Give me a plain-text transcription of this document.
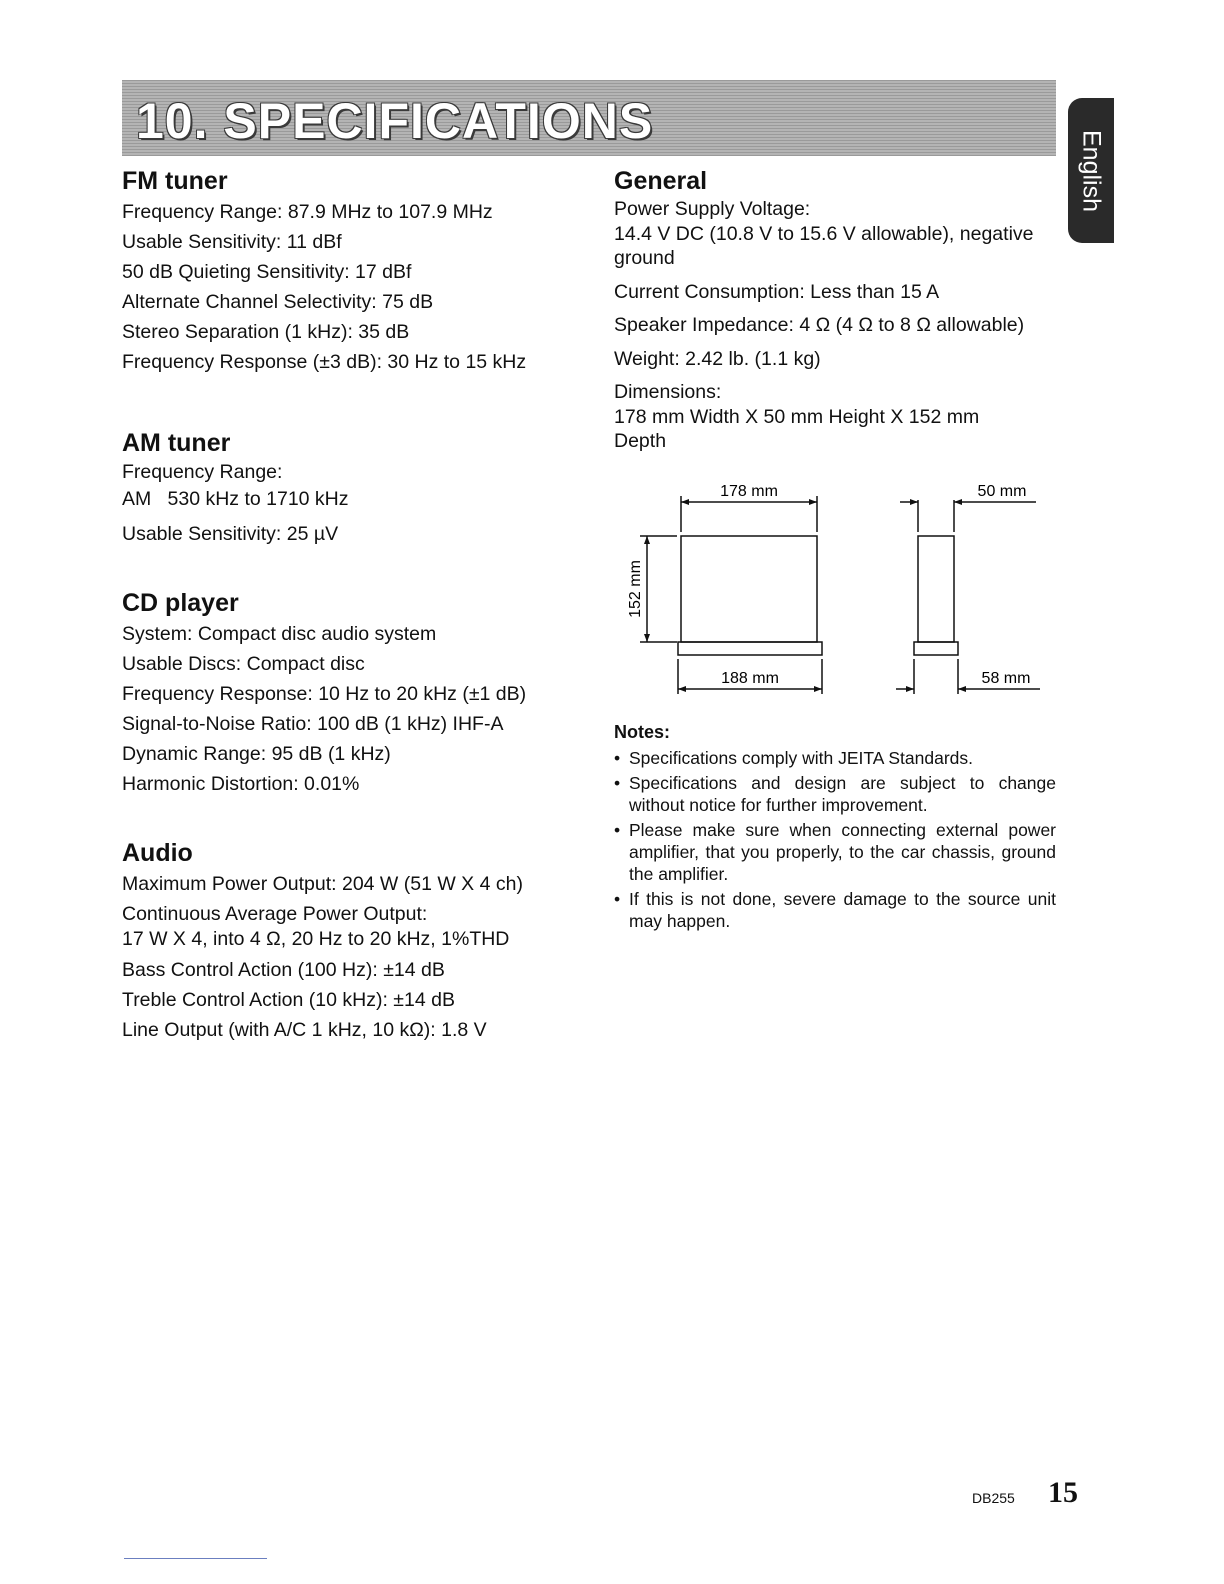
10. SPECIFICATIONS
English
FM tuner

Frequency Range: 87.9 MHz to 107.9 MHz

Usable Sensitivity: 11 dBf

50 dB Quieting Sensitivity: 17 dBf

Alternate Channel Selectivity: 75 dB

Stereo Separation (1 kHz): 35 dB

Frequency Response (±3 dB): 30 Hz to 15 kHz

AM tuner

Frequency Range:

AM   530 kHz to 1710 kHz

Usable Sensitivity: 25 µV

CD player

System: Compact disc audio system

Usable Discs: Compact disc

Frequency Response: 10 Hz to 20 kHz (±1 dB)

Signal-to-Noise Ratio: 100 dB (1 kHz) IHF-A

Dynamic Range: 95 dB (1 kHz)

Harmonic Distortion: 0.01%

Audio

Maximum Power Output: 204 W (51 W X 4 ch)

Continuous Average Power Output:

17 W X 4, into 4 Ω, 20 Hz to 20 kHz, 1%THD

Bass Control Action (100 Hz): ±14 dB

Treble Control Action (10 kHz): ±14 dB

Line Output (with A/C 1 kHz, 10 kΩ): 1.8 V

General

Power Supply Voltage:

14.4 V DC (10.8 V to 15.6 V allowable), negative ground

Current Consumption: Less than 15 A

Speaker Impedance: 4 Ω (4 Ω to 8 Ω allowable)

Weight: 2.42 lb. (1.1 kg)

Dimensions:

178 mm Width X 50 mm Height X 152 mm Depth

178 mm
152 mm
188 mm
50 mm
58 mm

Notes:

• Specifications comply with JEITA Standards.
• Specifications and design are subject to change without notice for further improvement.
• Please make sure when connecting external power amplifier, that you properly, to the car chassis, ground the amplifier.
• If this is not done, severe damage to the source unit may happen.
DB255 15
